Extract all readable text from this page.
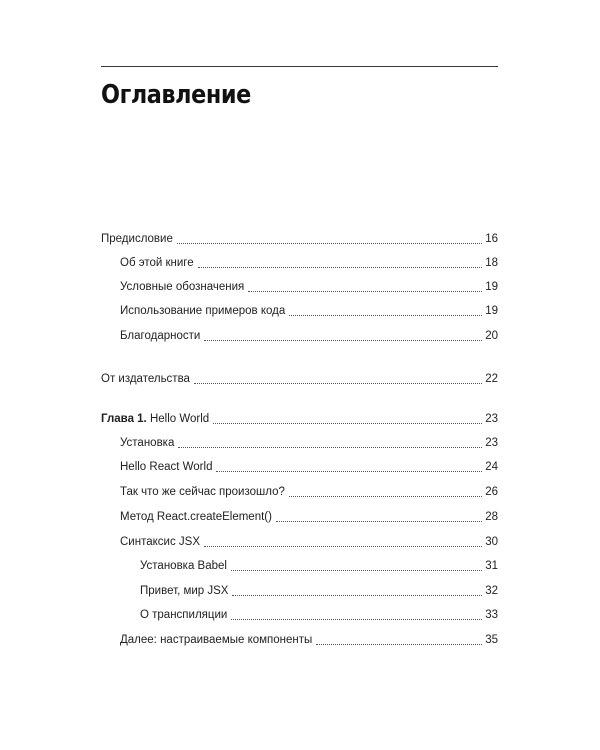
Оглавление
Предисловие	16
Об этой книге	18
Условные обозначения	19
Использование примеров кода	19
Благодарности	20
От издательства	22
Глава 1. Hello World	23
Установка	23
Hello React World	24
Так что же сейчас произошло?	26
Метод React.createElement()	28
Синтаксис JSX	30
Установка Babel	31
Привет, мир JSX	32
О транспиляции	33
Далее: настраиваемые компоненты	35
